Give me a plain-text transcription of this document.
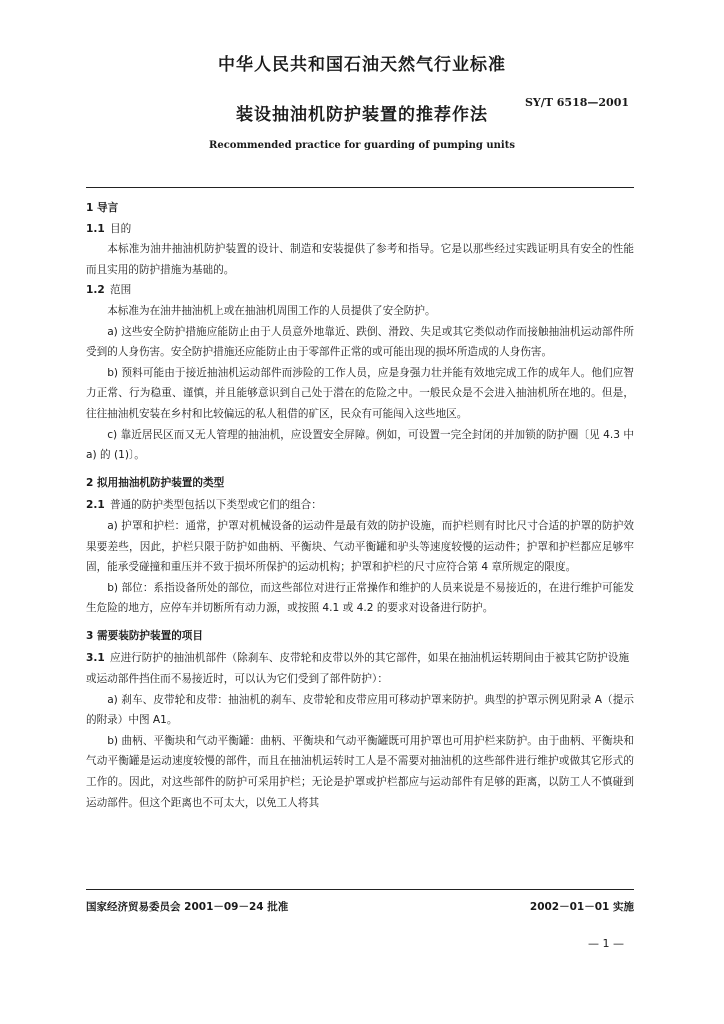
中华人民共和国石油天然气行业标准
装设抽油机防护装置的推荐作法
SY/T 6518—2001
Recommended practice for guarding of pumping units
1 导言
1.1 目的

本标准为油井抽油机防护装置的设计、制造和安装提供了参考和指导。它是以那些经过实践证明具有安全的性能而且实用的防护措施为基础的。

1.2 范围

本标准为在油井抽油机上或在抽油机周围工作的人员提供了安全防护。

a) 这些安全防护措施应能防止由于人员意外地靠近、跌倒、滑跤、失足或其它类似动作而接触抽油机运动部件所受到的人身伤害。安全防护措施还应能防止由于零部件正常的或可能出现的损坏所造成的人身伤害。

b) 预料可能由于接近抽油机运动部件而涉险的工作人员，应是身强力壮并能有效地完成工作的成年人。他们应智力正常、行为稳重、谨慎，并且能够意识到自己处于潜在的危险之中。一般民众是不会进入抽油机所在地的。但是，往往抽油机安装在乡村和比较偏远的私人租借的矿区，民众有可能闯入这些地区。

c) 靠近居民区而又无人管理的抽油机，应设置安全屏障。例如，可设置一完全封闭的并加锁的防护圈〔见 4.3 中 a) 的 (1)〕。

2 拟用抽油机防护装置的类型
2.1 普通的防护类型包括以下类型或它们的组合：

a) 护罩和护栏：通常，护罩对机械设备的运动件是最有效的防护设施，而护栏则有时比尺寸合适的护罩的防护效果要差些，因此，护栏只限于防护如曲柄、平衡块、气动平衡罐和驴头等速度较慢的运动件；护罩和护栏都应足够牢固，能承受碰撞和重压并不致于损坏所保护的运动机构；护罩和护栏的尺寸应符合第 4 章所规定的限度。

b) 部位：系指设备所处的部位，而这些部位对进行正常操作和维护的人员来说是不易接近的，在进行维护可能发生危险的地方，应停车并切断所有动力源，或按照 4.1 或 4.2 的要求对设备进行防护。

3 需要装防护装置的项目
3.1 应进行防护的抽油机部件（除刹车、皮带轮和皮带以外的其它部件，如果在抽油机运转期间由于被其它防护设施或运动部件挡住而不易接近时，可以认为它们受到了部件防护）：

a) 刹车、皮带轮和皮带：抽油机的刹车、皮带轮和皮带应用可移动护罩来防护。典型的护罩示例见附录 A（提示的附录）中图 A1。

b) 曲柄、平衡块和气动平衡罐：曲柄、平衡块和气动平衡罐既可用护罩也可用护栏来防护。由于曲柄、平衡块和气动平衡罐是运动速度较慢的部件，而且在抽油机运转时工人是不需要对抽油机的这些部件进行维护或做其它形式的工作的。因此，对这些部件的防护可采用护栏；无论是护罩或护栏都应与运动部件有足够的距离，以防工人不慎碰到运动部件。但这个距离也不可太大，以免工人将其

国家经济贸易委员会 2001－09－24 批准	2002－01－01 实施
— 1 —
